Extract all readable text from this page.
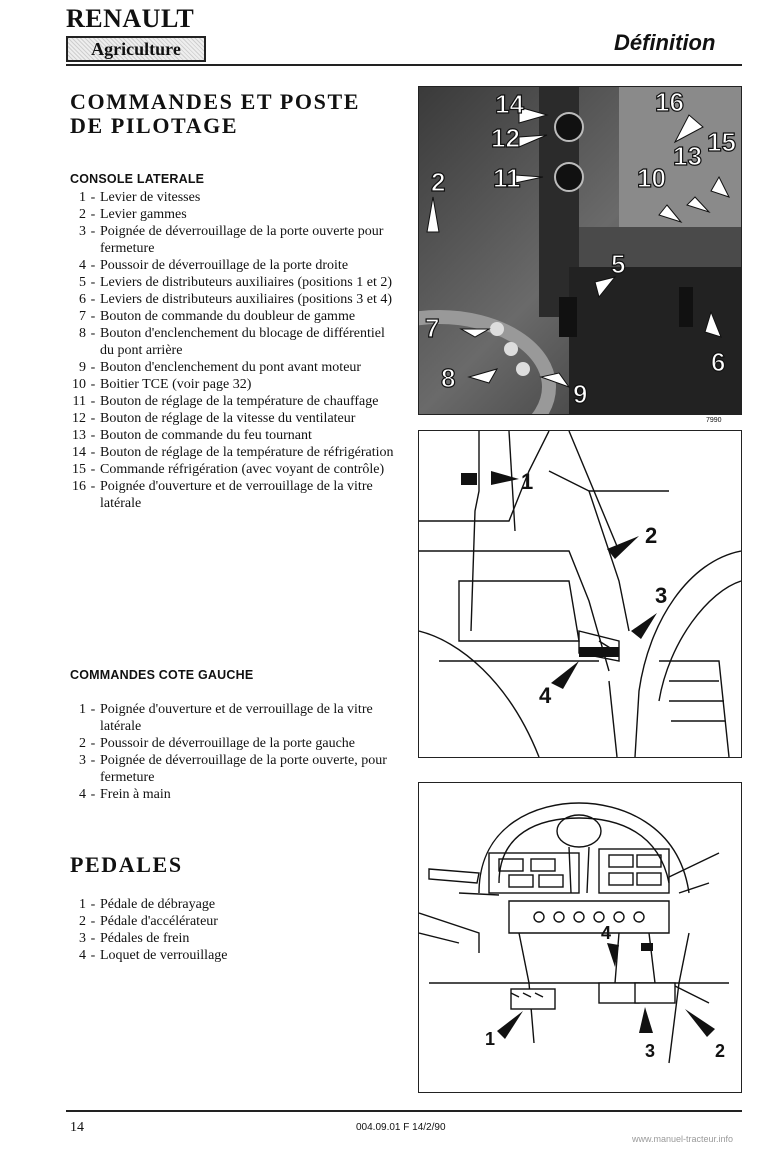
RENAULT
Agriculture	Définition
COMMANDES ET POSTE DE PILOTAGE
CONSOLE LATERALE
1 - Levier de vitesses
2 - Levier gammes
3 - Poignée de déverrouillage de la porte ouverte pour fermeture
4 - Poussoir de déverrouillage de la porte droite
5 - Leviers de distributeurs auxiliaires (positions 1 et 2)
6 - Leviers de distributeurs auxiliaires (positions 3 et 4)
7 - Bouton de commande du doubleur de gamme
8 - Bouton d'enclenchement du blocage de différentiel du pont arrière
9 - Bouton d'enclenchement du pont avant moteur
10 - Boitier TCE (voir page 32)
11 - Bouton de réglage de la température de chauffage
12 - Bouton de réglage de la vitesse du ventilateur
13 - Bouton de commande du feu tournant
14 - Bouton de réglage de la température de réfrigération
15 - Commande réfrigération (avec voyant de contrôle)
16 - Poignée d'ouverture et de verrouillage de la vitre latérale
COMMANDES COTE GAUCHE
1 - Poignée d'ouverture et de verrouillage de la vitre latérale
2 - Poussoir de déverrouillage de la porte gauche
3 - Poignée de déverrouillage de la porte ouverte, pour fermeture
4 - Frein à main
PEDALES
1 - Pédale de débrayage
2 - Pédale d'accélérateur
3 - Pédales de frein
4 - Loquet de verrouillage
14	16
12	15
13
11	10
2
5
7
6
8
9
7990
1
2
3
4
4
1
3	2
14	004.09.01 F 14/2/90
www.manuel-tracteur.info
